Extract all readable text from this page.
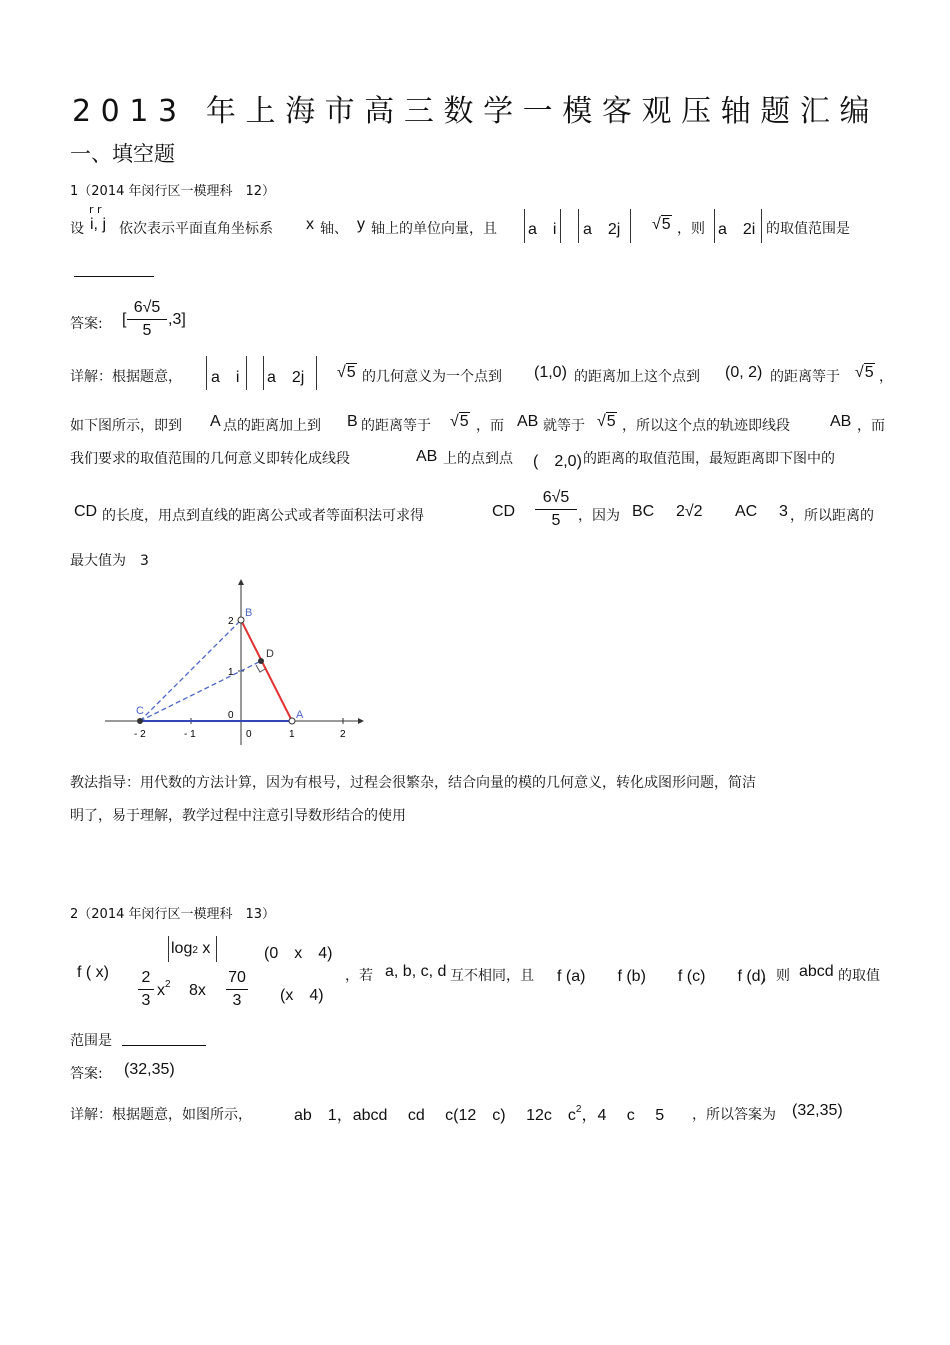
2013 年上海市高三数学一模客观压轴题汇编
一、填空题
1（2014 年闵行区一模理科　12）
设
r r
i, j 依次表示平面直角坐标系 x 轴、 y 轴上的单位向量，且 a　i a　2j √5 ，则 a　2i 的取值范围是
答案: [
6√5
5
,3]
详解：根据题意， a　i a　2j √5 的几何意义为一个点到 (1,0) 的距离加上这个点到 (0, 2) 的距离等于 √5 ，
如下图所示，即到 A 点的距离加上到 B 的距离等于 √5 ，而 AB 就等于 √5 ，所以这个点的轨迹即线段	AB ，而
我们要求的取值范围的几何意义即转化成线段	AB 上的点到点 (　2,0) 的距离的取值范围，最短距离即下图中的
CD 的长度，用点到直线的距离公式或者等面积法可求得	CD
6√5
5	，因为 BC 2√2 AC 3 ，所以距离的
最大值为　3
B
D
C	A
2
1
0
- 2	- 1	0	1	2
教法指导：用代数的方法计算，因为有根号，过程会很繁杂，结合向量的模的几何意义，转化成图形问题，简洁
明了，易于理解，教学过程中注意引导数形结合的使用
2（2014 年闵行区一模理科　13）
f ( x)
log2 x	(0　x　4)
2
3
$x^2$ 8x
70
3	(x　4)
，若 a, b, c, d 互不相同，且 f (a)　　f (b)　　f (c)　　f (d)
，则 abcd 的取值
范围是
答案: (32,35)
详解：根据题意，如图所示，	ab　1，abcd　 cd　 c(12　c)　 12c　$c^2$，4　 c　 5 ，所以答案为 (32,35)
